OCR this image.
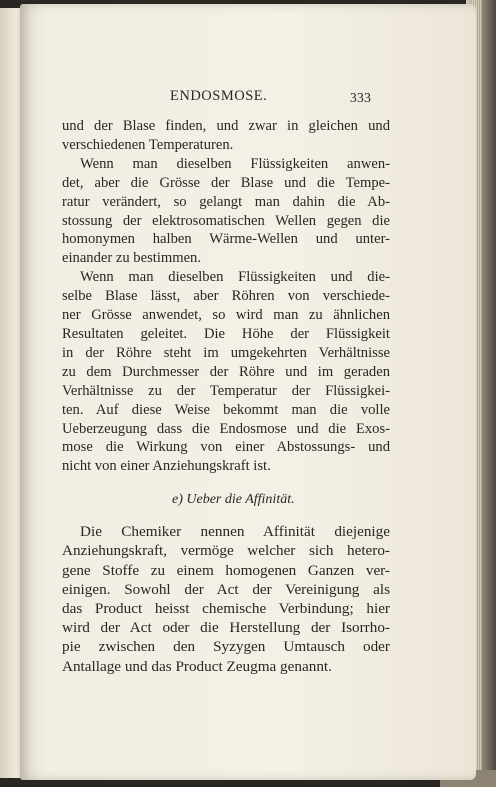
ENDOSMOSE.	333

und der Blase finden, und zwar in gleichen und
verschiedenen Temperaturen.

Wenn man dieselben Flüssigkeiten anwen-
det, aber die Grösse der Blase und die Tempe-
ratur verändert, so gelangt man dahin die Ab-
stossung der elektrosomatischen Wellen gegen die
homonymen halben Wärme-Wellen und unter-
einander zu bestimmen.

Wenn man dieselben Flüssigkeiten und die-
selbe Blase lässt, aber Röhren von verschiede-
ner Grösse anwendet, so wird man zu ähnlichen
Resultaten geleitet. Die Höhe der Flüssigkeit
in der Röhre steht im umgekehrten Verhältnisse
zu dem Durchmesser der Röhre und im geraden
Verhältnisse zu der Temperatur der Flüssigkei-
ten. Auf diese Weise bekommt man die volle
Ueberzeugung dass die Endosmose und die Exos-
mose die Wirkung von einer Abstossungs- und
nicht von einer Anziehungskraft ist.

e) Ueber die Affinität.

Die Chemiker nennen Affinität diejenige
Anziehungskraft, vermöge welcher sich hetero-
gene Stoffe zu einem homogenen Ganzen ver-
einigen. Sowohl der Act der Vereinigung als
das Product heisst chemische Verbindung; hier
wird der Act oder die Herstellung der Isorrho-
pie zwischen den Syzygen Umtausch oder
Antallage und das Product Zeugma genannt.
